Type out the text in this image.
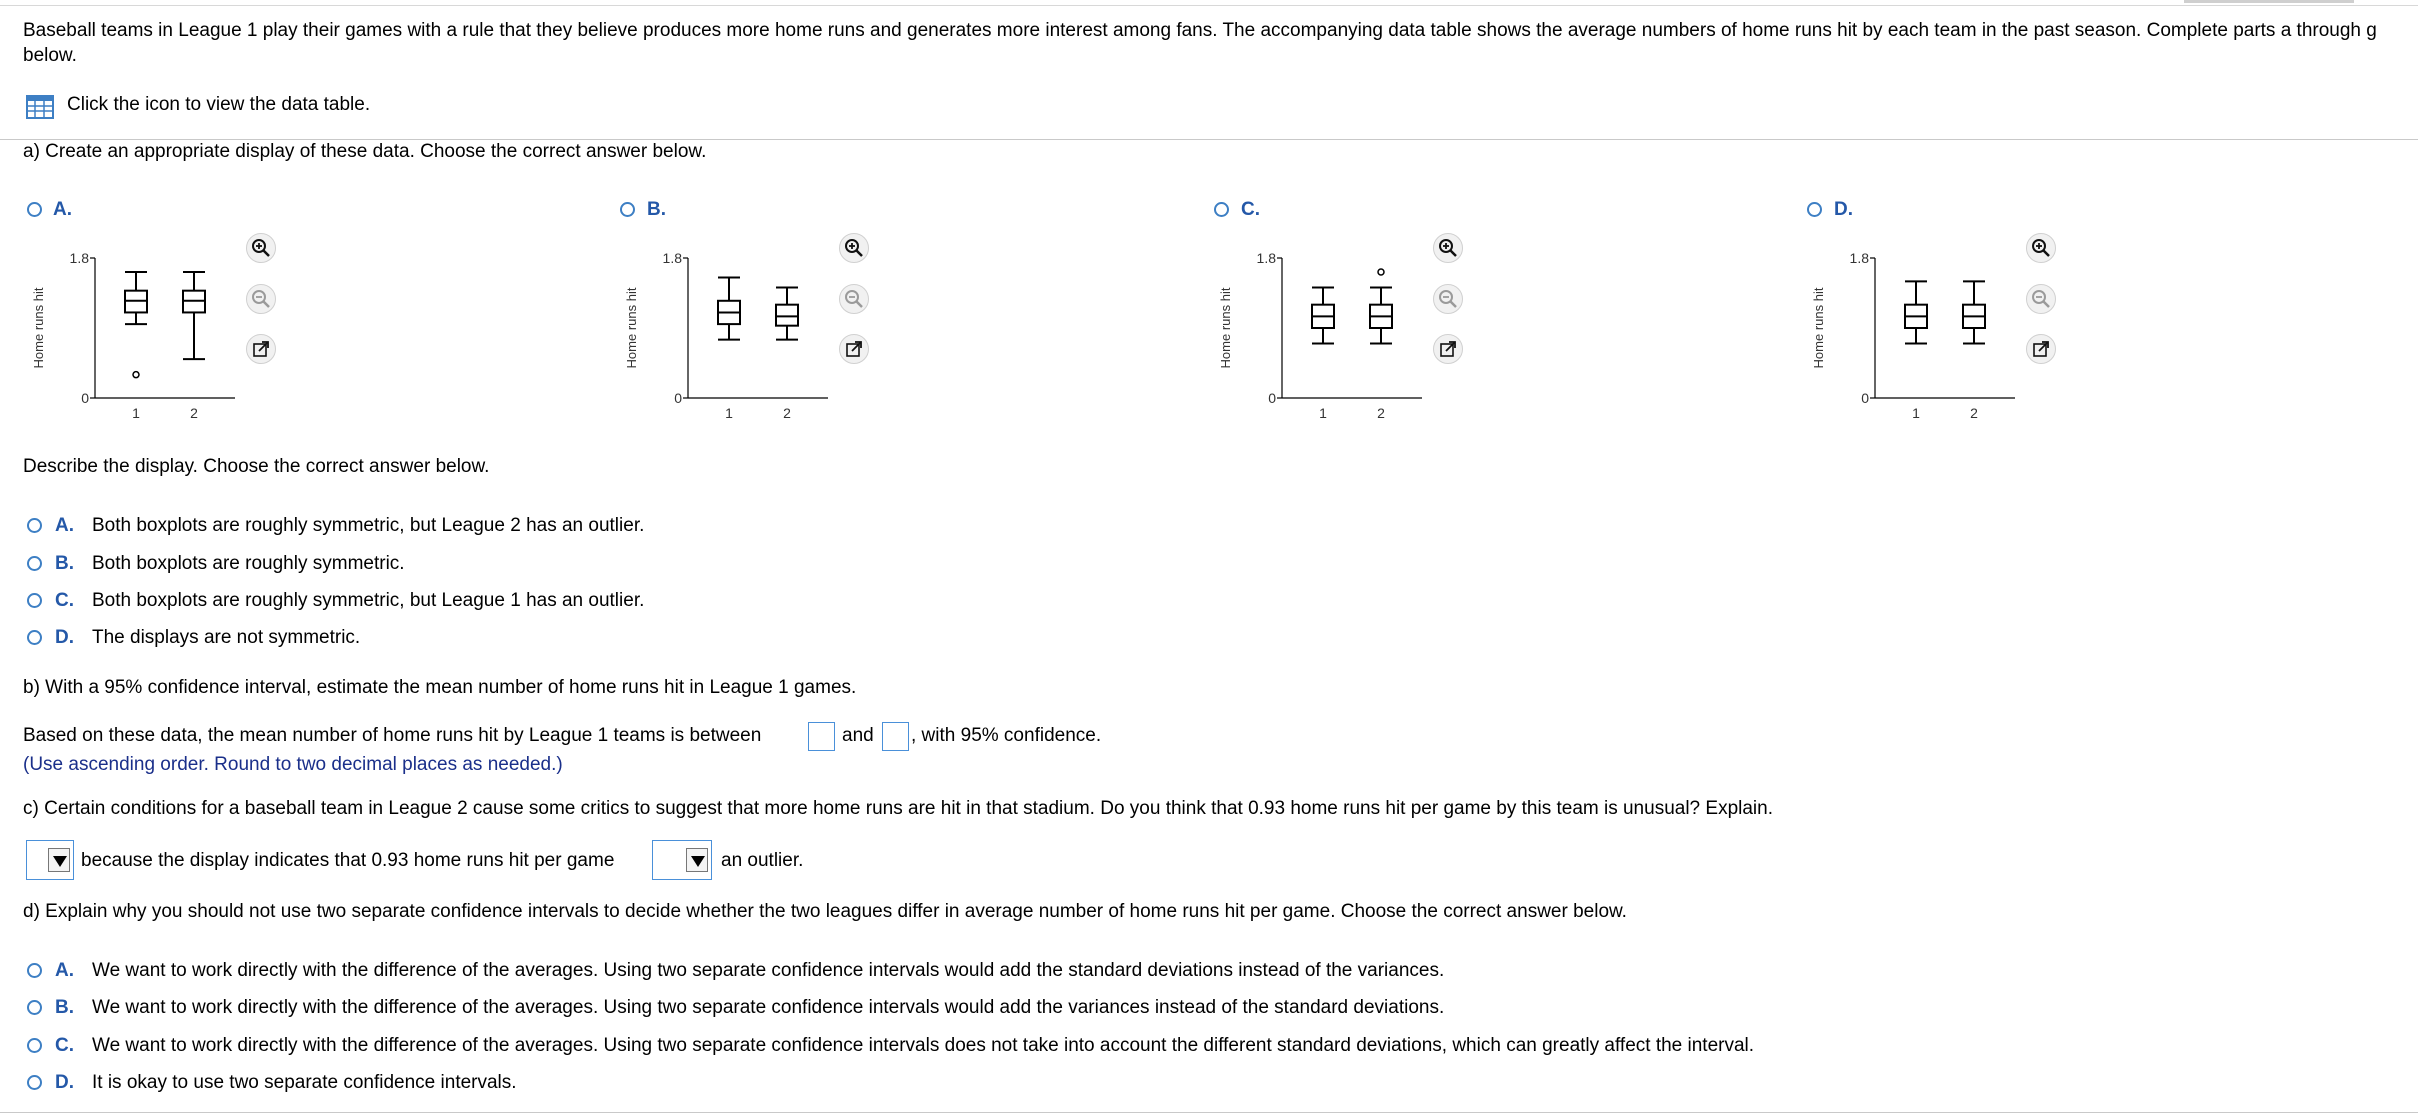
Baseball teams in League 1 play their games with a rule that they believe produces more home runs and generates more interest among fans. The accompanying data table shows the average numbers of home runs hit by each team in the past season. Complete parts a through g below.
Click the icon to view the data table.
a) Create an appropriate display of these data. Choose the correct answer below.
A.	B.	C.	D.
1.8
0
Home runs hit
1	2
1.8
0
Home runs hit
1	2
1.8
0
Home runs hit
1	2
1.8
0
Home runs hit
1	2
Describe the display. Choose the correct answer below.
A. Both boxplots are roughly symmetric, but League 2 has an outlier.
B. Both boxplots are roughly symmetric.
C. Both boxplots are roughly symmetric, but League 1 has an outlier.
D. The displays are not symmetric.
b) With a 95% confidence interval, estimate the mean number of home runs hit in League 1 games.
Based on these data, the mean number of home runs hit by League 1 teams is between	and , with 95% confidence.
(Use ascending order. Round to two decimal places as needed.)
c) Certain conditions for a baseball team in League 2 cause some critics to suggest that more home runs are hit in that stadium. Do you think that 0.93 home runs hit per game by this team is unusual? Explain.
because the display indicates that 0.93 home runs hit per game	an outlier.
d) Explain why you should not use two separate confidence intervals to decide whether the two leagues differ in average number of home runs hit per game. Choose the correct answer below.
A. We want to work directly with the difference of the averages. Using two separate confidence intervals would add the standard deviations instead of the variances.
B. We want to work directly with the difference of the averages. Using two separate confidence intervals would add the variances instead of the standard deviations.
C. We want to work directly with the difference of the averages. Using two separate confidence intervals does not take into account the different standard deviations, which can greatly affect the interval.
D. It is okay to use two separate confidence intervals.
